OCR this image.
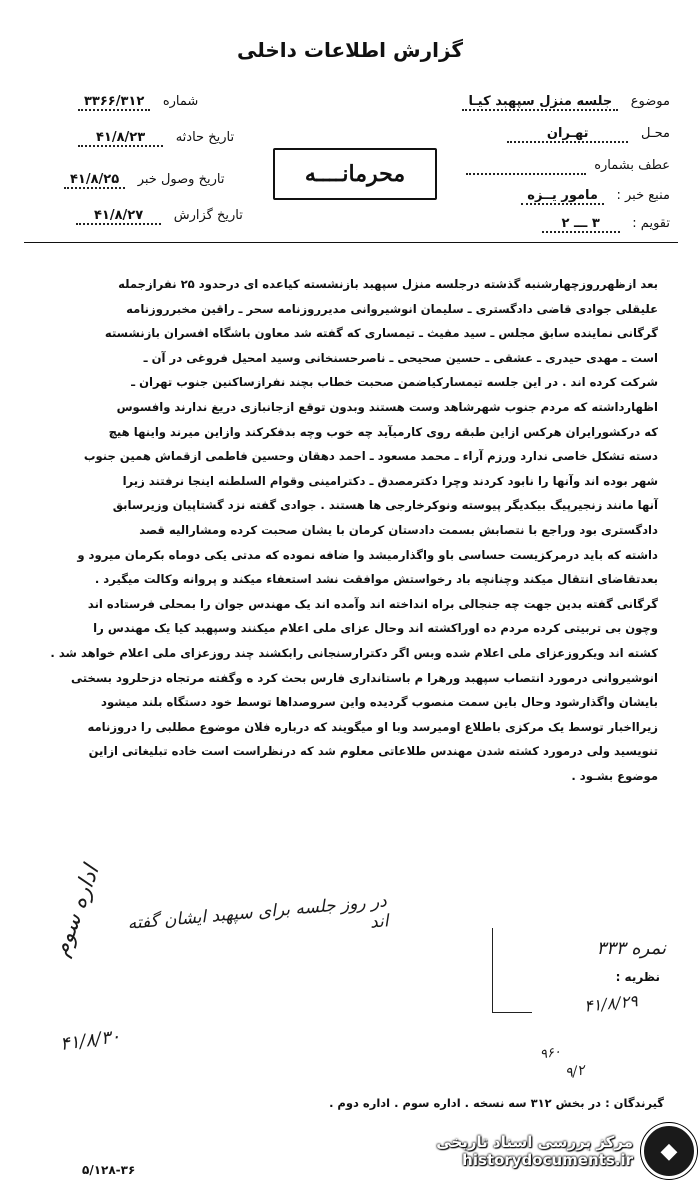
گزارش اطلاعات داخلی
موضوع جلسه منزل سپهبد کیـا
محـل تهـران
عطف بشماره
منبع خبر : مامور یــزه
تقویم : ۳ ـــ ۲
شماره ۳۳۶۶/۳۱۲
تاریخ حادثه ۴۱/۸/۲۳
تاریخ وصول خبر ۴۱/۸/۲۵
تاریخ گزارش ۴۱/۸/۲۷
محرمانــــه

بعد ازظهرروزچهارشنبه گذشته درجلسه منزل سپهبد بازنشسته کیاعده ای درحدود ۲۵ نفرازجمله

علیقلی جوادی قاضی دادگستری ـ سلیمان انوشیروانی مدیرروزنامه سحر ـ راقین مخبرروزنامه

گرگانی نماینده سابق مجلس ـ سید مفیث ـ تیمساری که گفته شد معاون باشگاه افسران بازنشسته

است ـ مهدی حیدری ـ عشقی ـ حسین صحیحی ـ ناصرحسنخانی وسید امحیل فروغی در آن ـ

شرکت کرده اند . در این جلسه تیمسارکیاضمن صحبت خطاب بچند نفرازساکنین جنوب تهران ـ

اظهارداشته که مردم جنوب شهرشاهد وست هستند وبدون توقع ازجانبازی دریغ ندارند وافسوس

که درکشورایران هرکس ازاین طبقه روی کارمیآید چه خوب وچه بدفکرکند وازاین میرند واینها هیچ

دسته تشکل خاصی ندارد ورزم آراء ـ محمد مسعود ـ احمد دهقان وحسین فاطمی ازقماش همین جنوب

شهر بوده اند وآنها را نابود کردند وچرا دکترمصدق ـ دکترامینی وقوام السلطنه اینجا نرفتند زیرا

آنها مانند زنجیرپیگ بیکدیگر پیوسته ونوکرخارجی ها هستند . جوادی گفته نزد گشتاپیان وزیرسابق

دادگستری بود وراجع با نتصابش بسمت دادستان کرمان با یشان صحبت کرده ومشارالیه قصد

داشته که باید درمرکزیست حساسی باو واگذارمیشد وا ضافه نموده که مدتی یکی دوماه بکرمان میرود و

بعدتقاضای انتقال میکند وچنانچه باد رخواستش موافقت نشد استعفاء میکند و پروانه وکالت میگیرد .

گرگانی گفته بدین جهت چه جنجالی براه انداخته اند وآمده اند یک مهندس جوان را بمحلی فرستاده اند

وچون بی تربیتی کرده مردم ده اوراکشته اند وحال عزای ملی اعلام میکنند وسپهبد کیا یک مهندس را

کشته اند ویکروزعزای ملی اعلام شده وبس اگر دکترارسنجانی رابکشند چند روزعزای ملی اعلام خواهد شد .

انوشیروانی درمورد انتصاب سپهبد ورهرا م باستانداری فارس بحث کرد ه وگفته مرتجاه دزحلرود بسختی

بایشان واگذارشود وحال باین سمت منصوب گردیده واین سروصداها توسط خود دستگاه بلند میشود

زیرااخبار توسط یک مرکزی باطلاع اومیرسد وبا او میگویند که درباره فلان موضوع مطلبی را دروزنامه

تنویسید ولی درمورد کشته شدن مهندس طلاعاتی معلوم شد که درنظراست است خاده تبلیغاتی ازاین

موضوع بشـود .

در روز جلسه برای سپهبد ایشان گفته اند
اداره سوم
۴۱/۸/۳۰
نمره ۳۳۳
نظریه :
۴۱/۸/۲۹
۹۶۰
۹/۲
گیرندگان : در بخش ۳۱۲ سه نسخه . اداره سوم . اداره دوم .
مرکز بررسی اسناد تاریخی
historydocuments.ir	◆
۵/۱۲۸-۳۶
